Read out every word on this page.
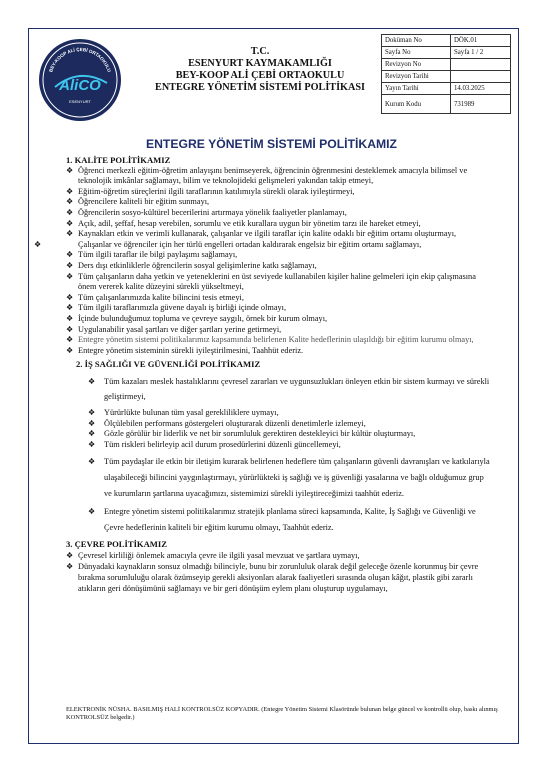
BEY-KOOP ALİ ÇEBİ ORTAOKULU
AliCO
ESENYURT
T.C.
ESENYURT KAYMAKAMLIĞI
BEY-KOOP ALİ ÇEBİ ORTAOKULU
ENTEGRE YÖNETİM SİSTEMİ POLİTİKASI
Doküman No	DÖK.01
Sayfa No	Sayfa 1 / 2
Revizyon No	
Revizyon Tarihi	
Yayın Tarihi	14.03.2025
Kurum Kodu	731989
ENTEGRE YÖNETİM SİSTEMİ POLİTİKAMIZ

1. KALİTE POLİTİKAMIZ

❖ Öğrenci merkezli eğitim-öğretim anlayışını benimseyerek, öğrencinin öğrenmesini desteklemek amacıyla bilimsel ve teknolojik imkânlar sağlamayı, bilim ve teknolojideki gelişmeleri yakından takip etmeyi,
❖ Eğitim-öğretim süreçlerini ilgili taraflarının katılımıyla sürekli olarak iyileştirmeyi,
❖ Öğrencilere kaliteli bir eğitim sunmayı,
❖ Öğrencilerin sosyo-kültürel becerilerini artırmaya yönelik faaliyetler planlamayı,
❖ Açık, adil, şeffaf, hesap verebilen, sorumlu ve etik kurallara uygun bir yönetim tarzı ile hareket etmeyi,
❖ Kaynakları etkin ve verimli kullanarak, çalışanlar ve ilgili taraflar için kalite odaklı bir eğitim ortamı oluşturmayı,
❖	Çalışanlar ve öğrenciler için her türlü engelleri ortadan kaldırarak engelsiz bir eğitim ortamı sağlamayı,
❖ Tüm ilgili taraflar ile bilgi paylaşımı sağlamayı,
❖ Ders dışı etkinliklerle öğrencilerin sosyal gelişimlerine katkı sağlamayı,
❖ Tüm çalışanların daha yetkin ve yeteneklerini en üst seviyede kullanabilen kişiler haline gelmeleri için ekip çalışmasına önem vererek kalite düzeyini sürekli yükseltmeyi,
❖ Tüm çalışanlarımızda kalite bilincini tesis etmeyi,
❖ Tüm ilgili taraflarımızla güvene dayalı iş birliği içinde olmayı,
❖ İçinde bulunduğumuz topluma ve çevreye saygılı, örnek bir kurum olmayı,
❖ Uygulanabilir yasal şartları ve diğer şartları yerine getirmeyi,
❖ Entegre yönetim sistemi politikalarımız kapsamında belirlenen Kalite hedeflerinin ulaşıldığı bir eğitim kurumu olmayı,
❖ Entegre yönetim sisteminin sürekli iyileştirilmesini, Taahhüt ederiz.

2. İŞ SAĞLIĞI VE GÜVENLİĞİ POLİTİKAMIZ

❖ Tüm kazaları meslek hastalıklarını çevresel zararları ve uygunsuzlukları önleyen etkin bir sistem kurmayı ve sürekli geliştirmeyi,
❖ Yürürlükte bulunan tüm yasal gerekliliklere uymayı,
❖ Ölçülebilen performans göstergeleri oluşturarak düzenli denetimlerle izlemeyi,
❖ Gözle görülür bir liderlik ve net bir sorumluluk gerektiren destekleyici bir kültür oluşturmayı,
❖ Tüm riskleri belirleyip acil durum prosedürlerini düzenli güncellemeyi,
❖ Tüm paydaşlar ile etkin bir iletişim kurarak belirlenen hedeflere tüm çalışanların güvenli davranışları ve katkılarıyla ulaşabileceği bilincini yaygınlaştırmayı, yürürlükteki iş sağlığı ve iş güvenliği yasalarına ve bağlı olduğumuz grup ve kurumların şartlarına uyacağımızı, sistemimizi sürekli iyileştireceğimizi taahhüt ederiz.
❖ Entegre yönetim sistemi politikalarımız stratejik planlama süreci kapsamında, Kalite, İş Sağlığı ve Güvenliği ve Çevre hedeflerinin kaliteli bir eğitim kurumu olmayı, Taahhüt ederiz.

3. ÇEVRE POLİTİKAMIZ

❖ Çevresel kirliliği önlemek amacıyla çevre ile ilgili yasal mevzuat ve şartlara uymayı,
❖ Dünyadaki kaynakların sonsuz olmadığı bilinciyle, bunu bir zorunluluk olarak değil geleceğe özenle korunmuş bir çevre bırakma sorumluluğu olarak özümseyip gerekli aksiyonları alarak faaliyetleri sırasında oluşan kâğıt, plastik gibi zararlı atıkların geri dönüşümünü sağlamayı ve bir geri dönüşüm eylem planı oluşturup uygulamayı,
ELEKTRONİK NÜSHA. BASILMIŞ HALİ KONTROLSÜZ KOPYADIR. (Entegre Yönetim Sistemi Klasöründe bulunan belge güncel ve kontrollü olup, baskı alınmış KONTROLSÜZ belgedir.)
